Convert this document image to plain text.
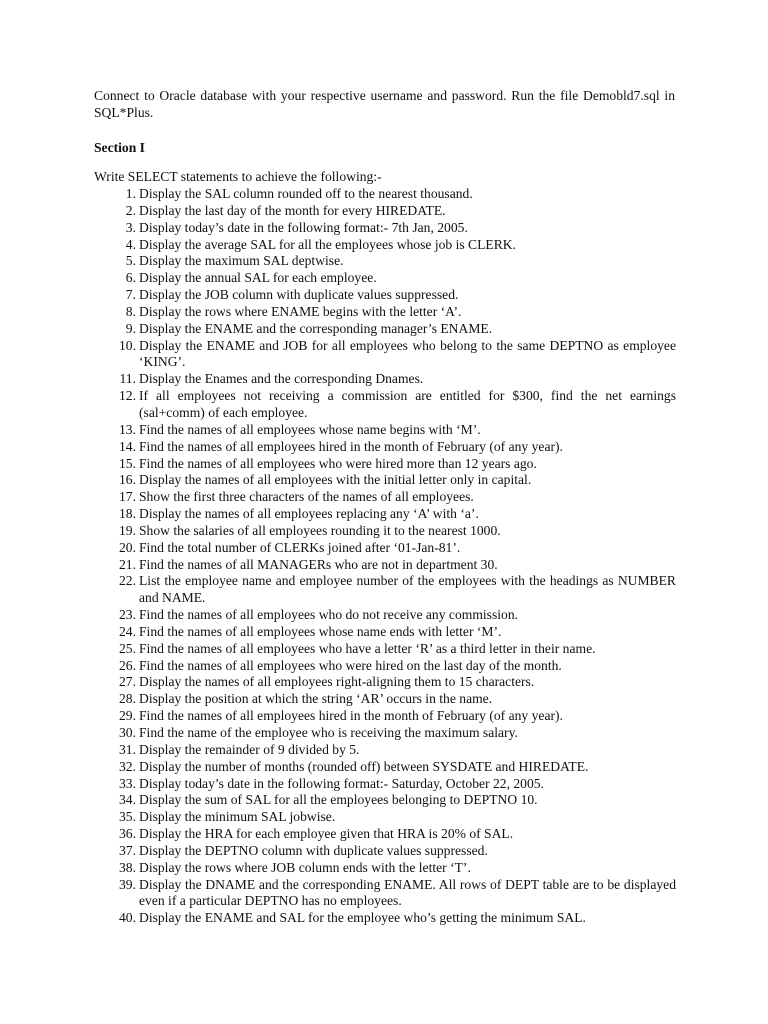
Connect to Oracle database with your respective username and password. Run the file Demobld7.sql in SQL*Plus.

Section I

Write SELECT statements to achieve the following:-

1. Display the SAL column rounded off to the nearest thousand.
2. Display the last day of the month for every HIREDATE.
3. Display today’s date in the following format:- 7th Jan, 2005.
4. Display the average SAL for all the employees whose job is CLERK.
5. Display the maximum SAL deptwise.
6. Display the annual SAL for each employee.
7. Display the JOB column with duplicate values suppressed.
8. Display the rows where ENAME begins with the letter ‘A’.
9. Display the ENAME and the corresponding manager’s ENAME.
10. Display the ENAME and JOB for all employees who belong to the same DEPTNO as employee ‘KING’.
11. Display the Enames and the corresponding Dnames.
12. If all employees not receiving a commission are entitled for $300, find the net earnings (sal+comm) of each employee.
13. Find the names of all employees whose name begins with ‘M’.
14. Find the names of all employees hired in the month of February (of any year).
15. Find the names of all employees who were hired more than 12 years ago.
16. Display the names of all employees with the initial letter only in capital.
17. Show the first three characters of the names of all employees.
18. Display the names of all employees replacing any ‘A’ with ‘a’.
19. Show the salaries of all employees rounding it to the nearest 1000.
20. Find the total number of CLERKs joined after ‘01-Jan-81’.
21. Find the names of all MANAGERs who are not in department 30.
22. List the employee name and employee number of the employees with the headings as NUMBER and NAME.
23. Find the names of all employees who do not receive any commission.
24. Find the names of all employees whose name ends with letter ‘M’.
25. Find the names of all employees who have a letter ‘R’ as a third letter in their name.
26. Find the names of all employees who were hired on the last day of the month.
27. Display the names of all employees right-aligning them to 15 characters.
28. Display the position at which the string ‘AR’ occurs in the name.
29. Find the names of all employees hired in the month of February (of any year).
30. Find the name of the employee who is receiving the maximum salary.
31. Display the remainder of 9 divided by 5.
32. Display the number of months (rounded off) between SYSDATE and HIREDATE.
33. Display today’s date in the following format:- Saturday, October 22, 2005.
34. Display the sum of SAL for all the employees belonging to DEPTNO 10.
35. Display the minimum SAL jobwise.
36. Display the HRA for each employee given that HRA is 20% of SAL.
37. Display the DEPTNO column with duplicate values suppressed.
38. Display the rows where JOB column ends with the letter ‘T’.
39. Display the DNAME and the corresponding ENAME. All rows of DEPT table are to be displayed even if a particular DEPTNO has no employees.
40. Display the ENAME and SAL for the employee who’s getting the minimum SAL.
